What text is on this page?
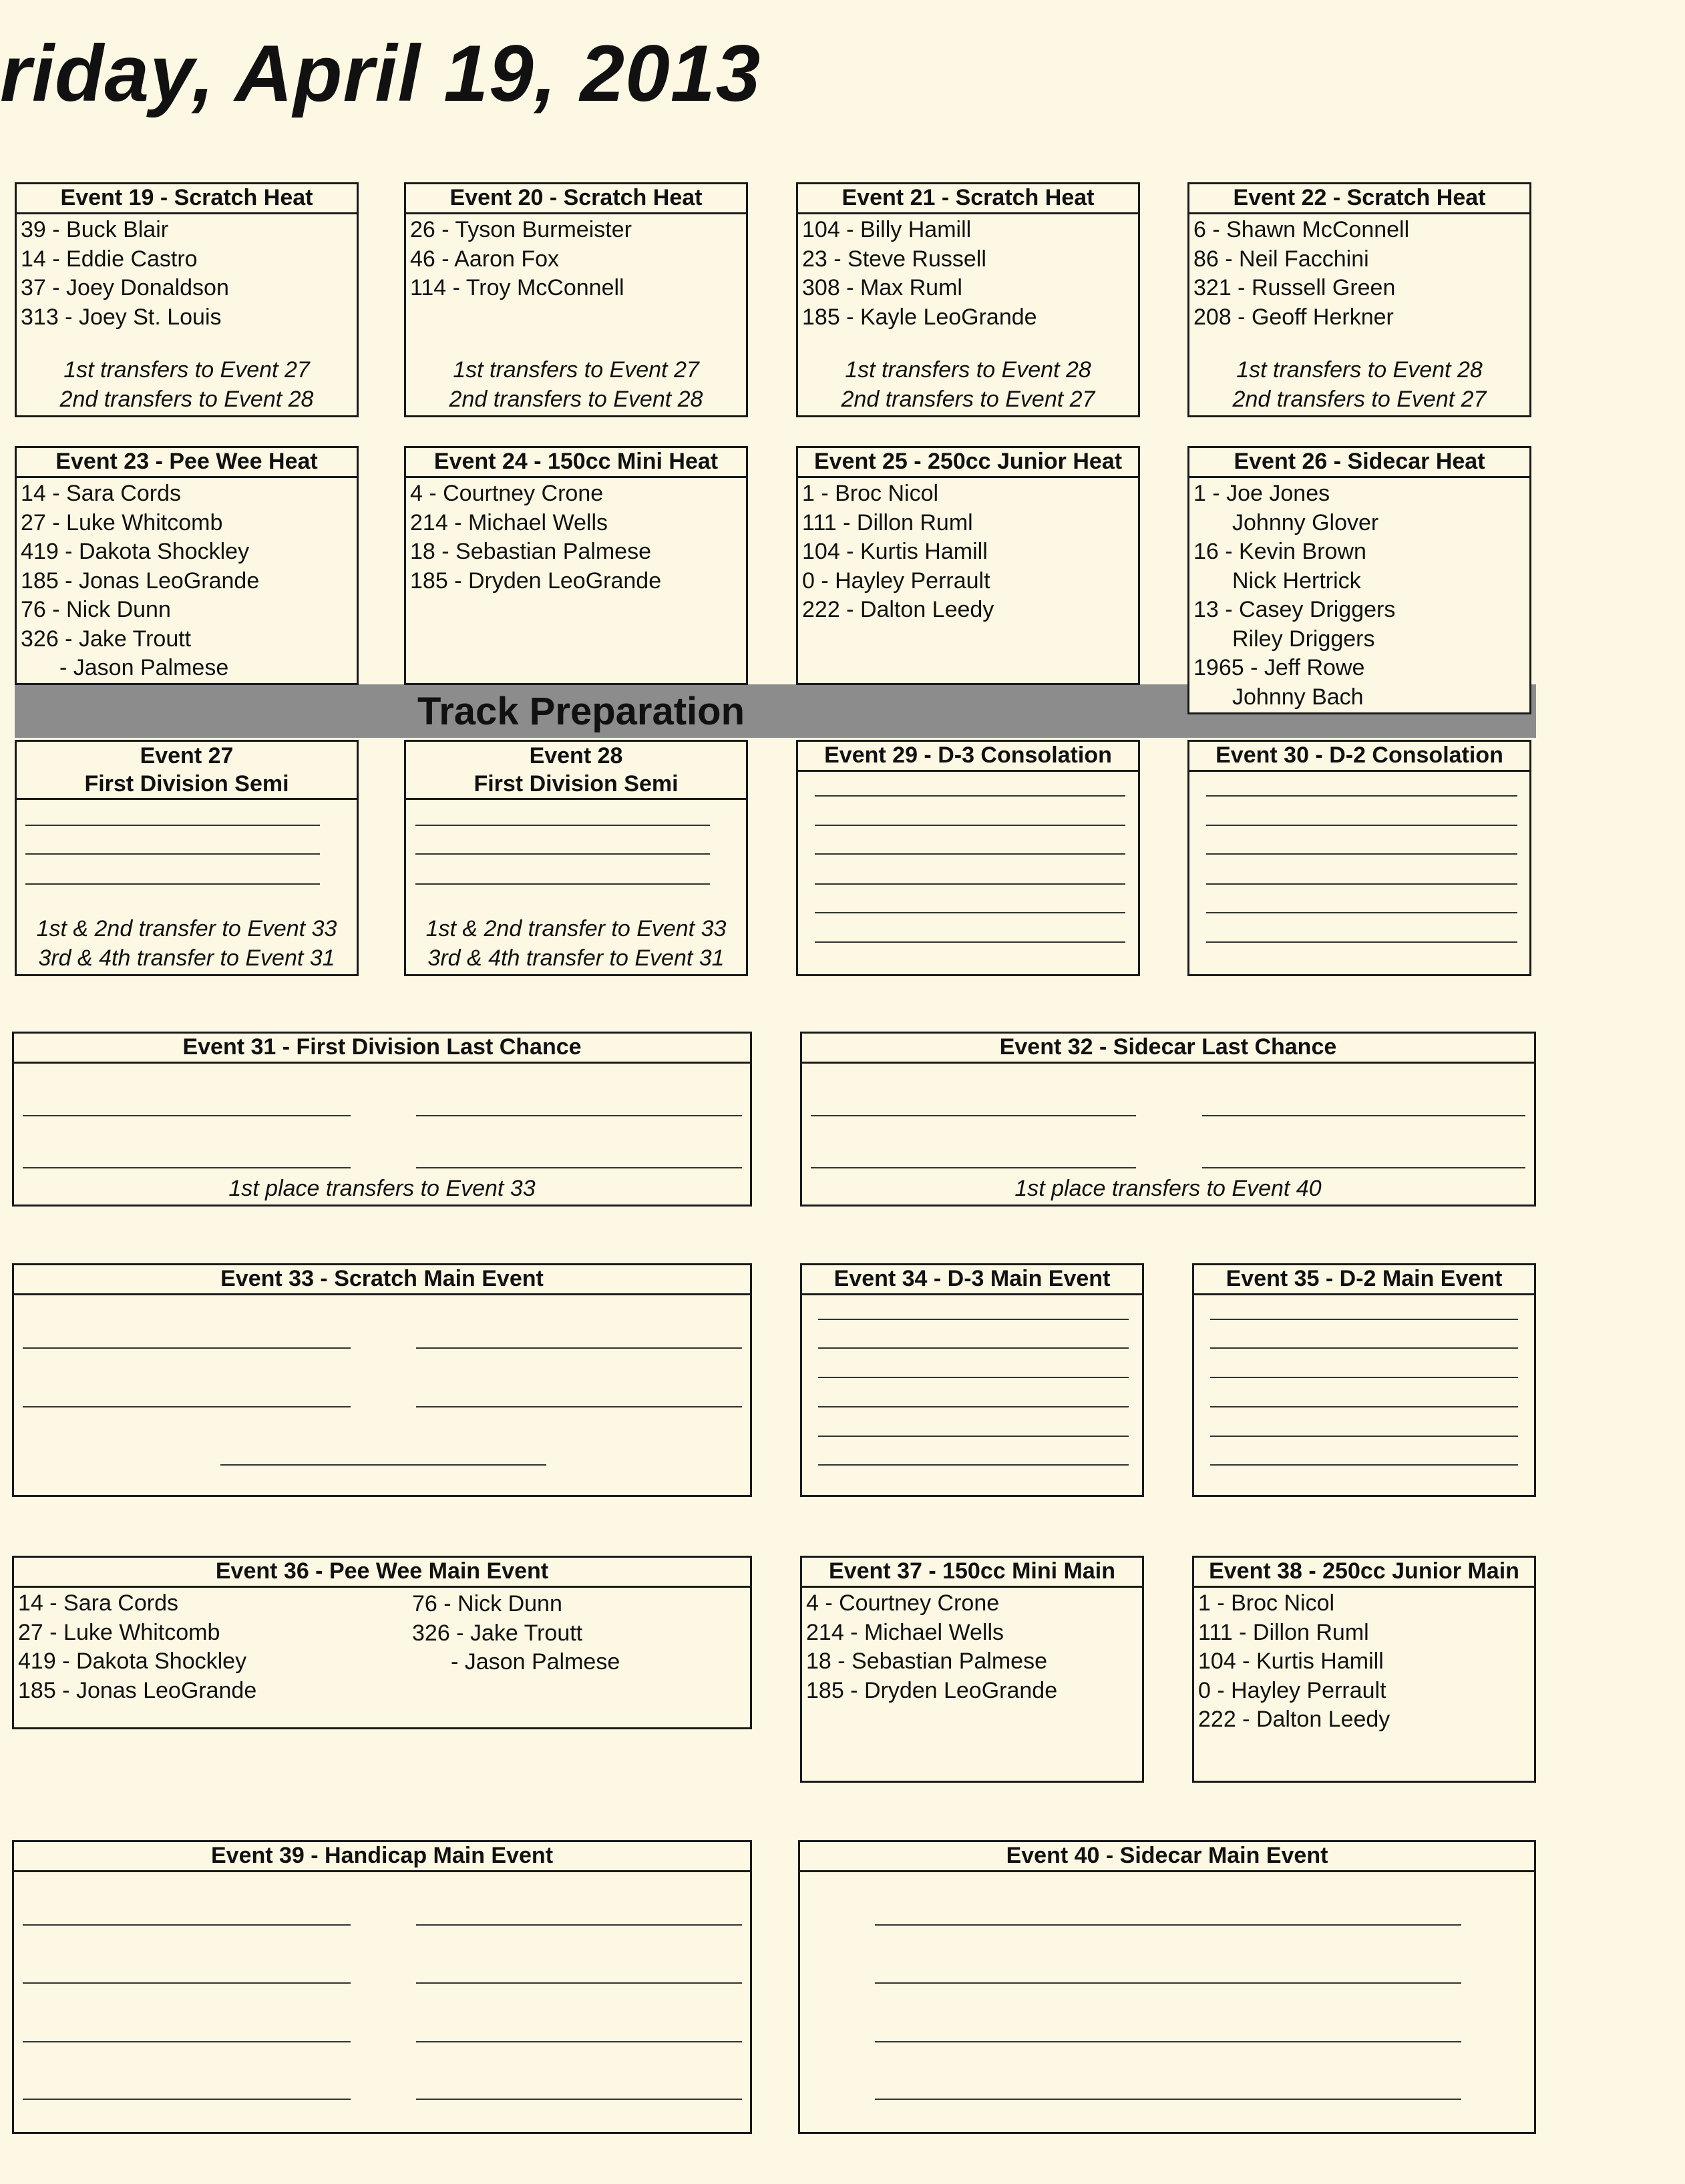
riday, April 19, 2013
Track Preparation
Event 19 - Scratch Heat
39 - Buck Blair
14 - Eddie Castro
37 - Joey Donaldson
313 - Joey St. Louis
1st transfers to Event 27
2nd transfers to Event 28
Event 20 - Scratch Heat
26 - Tyson Burmeister
46 - Aaron Fox
114 - Troy McConnell
1st transfers to Event 27
2nd transfers to Event 28
Event 21 - Scratch Heat
104 - Billy Hamill
23 - Steve Russell
308 - Max Ruml
185 - Kayle LeoGrande
1st transfers to Event 28
2nd transfers to Event 27
Event 22 - Scratch Heat
6 - Shawn McConnell
86 - Neil Facchini
321 - Russell Green
208 - Geoff Herkner
1st transfers to Event 28
2nd transfers to Event 27
Event 23 - Pee Wee Heat
14 - Sara Cords
27 - Luke Whitcomb
419 - Dakota Shockley
185 - Jonas LeoGrande
76 - Nick Dunn
326 - Jake Troutt
- Jason Palmese
Event 24 - 150cc Mini Heat
4 - Courtney Crone
214 - Michael Wells
18 - Sebastian Palmese
185 - Dryden LeoGrande
Event 25 - 250cc Junior Heat
1 - Broc Nicol
111 - Dillon Ruml
104 - Kurtis Hamill
0 - Hayley Perrault
222 - Dalton Leedy
Event 26 - Sidecar Heat
1 - Joe Jones
Johnny Glover
16 - Kevin Brown
Nick Hertrick
13 - Casey Driggers
Riley Driggers
1965 - Jeff Rowe
Johnny Bach
Event 27
First Division Semi
1st & 2nd transfer to Event 33
3rd & 4th transfer to Event 31
Event 28
First Division Semi
1st & 2nd transfer to Event 33
3rd & 4th transfer to Event 31
Event 29 - D-3 Consolation	Event 30 - D-2 Consolation
Event 31 - First Division Last Chance
1st place transfers to Event 33
Event 32 - Sidecar Last Chance
1st place transfers to Event 40
Event 33 - Scratch Main Event	Event 34 - D-3 Main Event	Event 35 - D-2 Main Event
Event 36 - Pee Wee Main Event
14 - Sara Cords
27 - Luke Whitcomb
419 - Dakota Shockley
185 - Jonas LeoGrande
76 - Nick Dunn
326 - Jake Troutt
- Jason Palmese
Event 37 - 150cc Mini Main
4 - Courtney Crone
214 - Michael Wells
18 - Sebastian Palmese
185 - Dryden LeoGrande
Event 38 - 250cc Junior Main
1 - Broc Nicol
111 - Dillon Ruml
104 - Kurtis Hamill
0 - Hayley Perrault
222 - Dalton Leedy
Event 39 - Handicap Main Event	Event 40 - Sidecar Main Event
